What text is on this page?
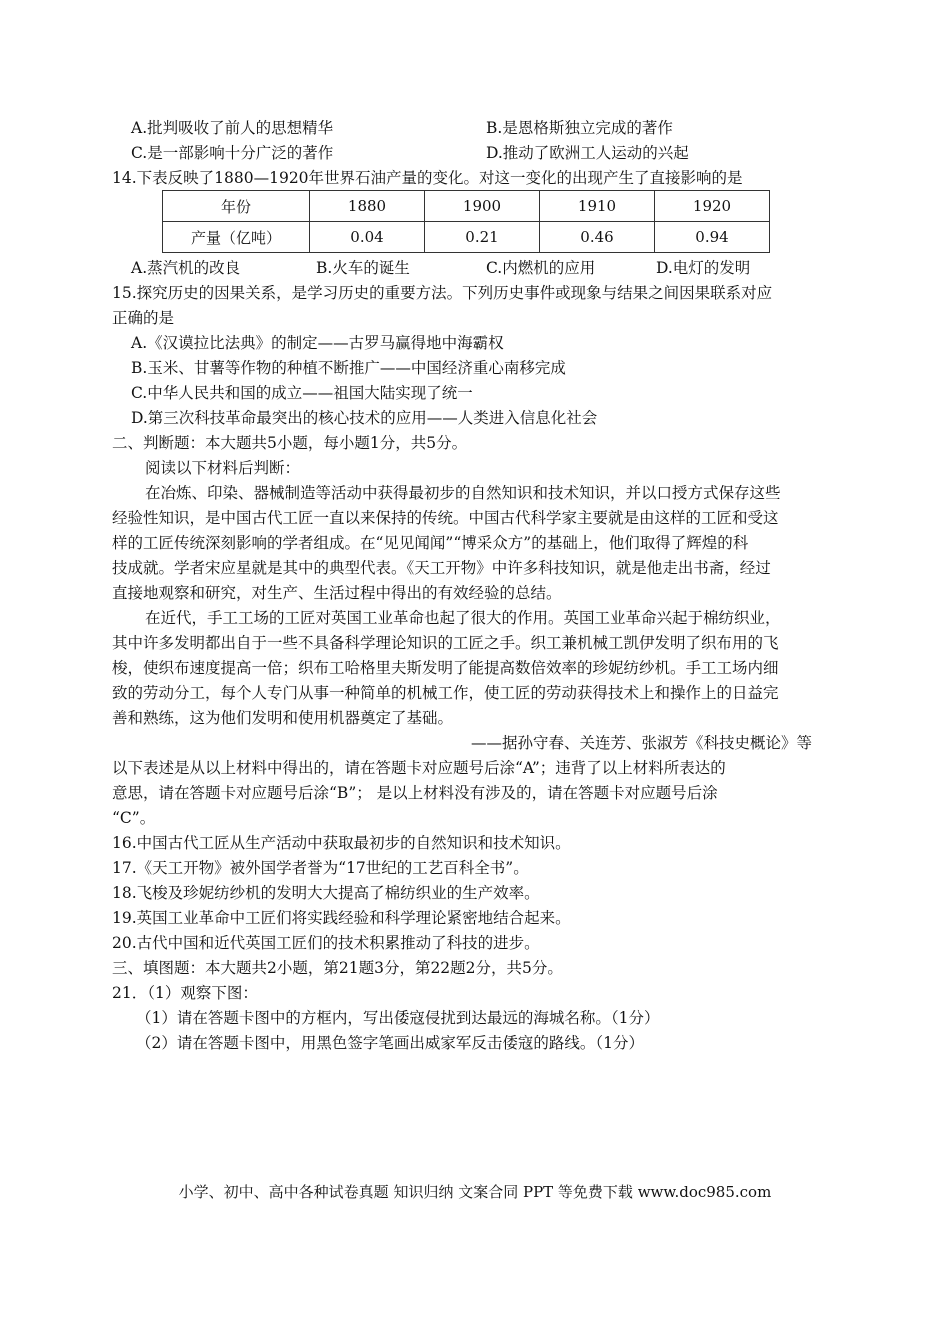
A.批判吸收了前人的思想精华	B.是恩格斯独立完成的著作
C.是一部影响十分广泛的著作	D.推动了欧洲工人运动的兴起
14.下表反映了1880—1920年世界石油产量的变化。对这一变化的出现产生了直接影响的是
年份	1880	1900	1910	1920
产量（亿吨）	0.04	0.21	0.46	0.94
A.蒸汽机的改良	B.火车的诞生	C.内燃机的应用	D.电灯的发明
15.探究历史的因果关系，是学习历史的重要方法。下列历史事件或现象与结果之间因果联系对应
正确的是
A.《汉谟拉比法典》的制定——古罗马赢得地中海霸权
B.玉米、甘薯等作物的种植不断推广——中国经济重心南移完成
C.中华人民共和国的成立——祖国大陆实现了统一
D.第三次科技革命最突出的核心技术的应用——人类进入信息化社会
二、判断题：本大题共5小题，每小题1分，共5分。
阅读以下材料后判断：
在冶炼、印染、器械制造等活动中获得最初步的自然知识和技术知识，并以口授方式保存这些
经验性知识，是中国古代工匠一直以来保持的传统。中国古代科学家主要就是由这样的工匠和受这
样的工匠传统深刻影响的学者组成。在“见见闻闻”“博采众方”的基础上，他们取得了辉煌的科
技成就。学者宋应星就是其中的典型代表。《天工开物》中许多科技知识，就是他走出书斋，经过
直接地观察和研究，对生产、生活过程中得出的有效经验的总结。
在近代，手工工场的工匠对英国工业革命也起了很大的作用。英国工业革命兴起于棉纺织业，
其中许多发明都出自于一些不具备科学理论知识的工匠之手。织工兼机械工凯伊发明了织布用的飞
梭，使织布速度提高一倍；织布工哈格里夫斯发明了能提高数倍效率的珍妮纺纱机。手工工场内细
致的劳动分工，每个人专门从事一种简单的机械工作，使工匠的劳动获得技术上和操作上的日益完
善和熟练，这为他们发明和使用机器奠定了基础。
——据孙守春、关连芳、张淑芳《科技史概论》等
以下表述是从以上材料中得出的，请在答题卡对应题号后涂“A”；违背了以上材料所表达的
意思，请在答题卡对应题号后涂“B”； 是以上材料没有涉及的，请在答题卡对应题号后涂
“C”。
16.中国古代工匠从生产活动中获取最初步的自然知识和技术知识。
17.《天工开物》被外国学者誉为“17世纪的工艺百科全书”。
18.飞梭及珍妮纺纱机的发明大大提高了棉纺织业的生产效率。
19.英国工业革命中工匠们将实践经验和科学理论紧密地结合起来。
20.古代中国和近代英国工匠们的技术积累推动了科技的进步。
三、填图题：本大题共2小题，第21题3分，第22题2分，共5分。
21．（1）观察下图：
（1）请在答题卡图中的方框内，写出倭寇侵扰到达最远的海城名称。（1分）
（2）请在答题卡图中，用黑色签字笔画出威家军反击倭寇的路线。（1分）
小学、初中、高中各种试卷真题 知识归纳 文案合同 PPT 等免费下载 www.doc985.com
